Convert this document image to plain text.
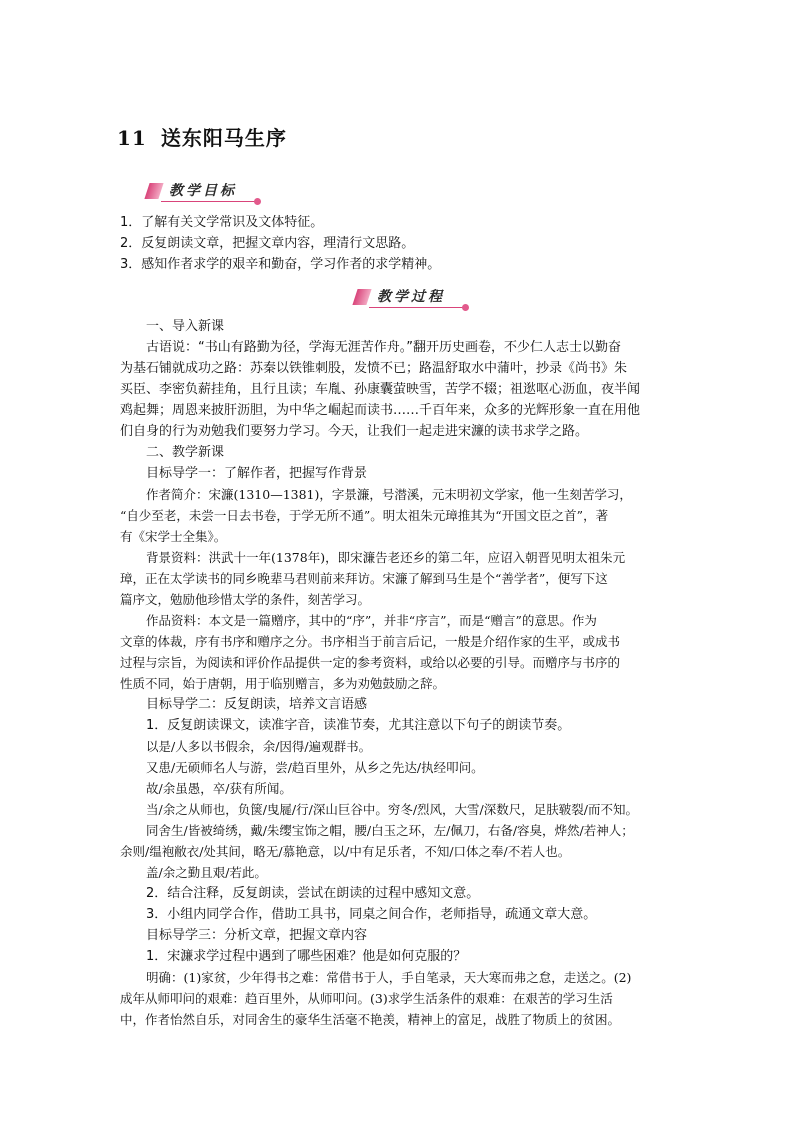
11 送东阳马生序
教学目标

1．了解有关文学常识及文体特征。

2．反复朗读文章，把握文章内容，理清行文思路。

3．感知作者求学的艰辛和勤奋，学习作者的求学精神。

教学过程

一、导入新课

古语说：“书山有路勤为径，学海无涯苦作舟。”翻开历史画卷，不少仁人志士以勤奋

为基石铺就成功之路：苏秦以铁锥刺股，发愤不已；路温舒取水中蒲叶，抄录《尚书》朱

买臣、李密负薪挂角，且行且读；车胤、孙康囊萤映雪，苦学不辍；祖逖呕心沥血，夜半闻

鸡起舞；周恩来披肝沥胆，为中华之崛起而读书……千百年来，众多的光辉形象一直在用他

们自身的行为劝勉我们要努力学习。今天，让我们一起走进宋濂的读书求学之路。

二、教学新课

目标导学一：了解作者，把握写作背景

作者简介：宋濂(1310—1381)，字景濂，号潜溪，元末明初文学家，他一生刻苦学习，

“自少至老，未尝一日去书卷，于学无所不通”。明太祖朱元璋推其为“开国文臣之首”，著

有《宋学士全集》。

背景资料：洪武十一年(1378年)，即宋濂告老还乡的第二年，应诏入朝晋见明太祖朱元

璋，正在太学读书的同乡晚辈马君则前来拜访。宋濂了解到马生是个“善学者”，便写下这

篇序文，勉励他珍惜太学的条件，刻苦学习。

作品资料：本文是一篇赠序，其中的“序”，并非“序言”，而是“赠言”的意思。作为

文章的体裁，序有书序和赠序之分。书序相当于前言后记，一般是介绍作家的生平，或成书

过程与宗旨，为阅读和评价作品提供一定的参考资料，或给以必要的引导。而赠序与书序的

性质不同，始于唐朝，用于临别赠言，多为劝勉鼓励之辞。

目标导学二：反复朗读，培养文言语感

1．反复朗读课文，读准字音，读准节奏，尤其注意以下句子的朗读节奏。

以是/人多以书假余，余/因得/遍观群书。

又患/无硕师名人与游，尝/趋百里外，从乡之先达/执经叩问。

故/余虽愚，卒/获有所闻。

当/余之从师也，负箧/曳屣/行/深山巨谷中。穷冬/烈风，大雪/深数尺，足肤皲裂/而不知。

同舍生/皆被绮绣，戴/朱缨宝饰之帽，腰/白玉之环，左/佩刀，右备/容臭，烨然/若神人；

余则/缊袍敝衣/处其间，略无/慕艳意，以/中有足乐者，不知/口体之奉/不若人也。

盖/余之勤且艰/若此。

2．结合注释，反复朗读，尝试在朗读的过程中感知文意。

3．小组内同学合作，借助工具书，同桌之间合作，老师指导，疏通文章大意。

目标导学三：分析文章，把握文章内容

1．宋濂求学过程中遇到了哪些困难？他是如何克服的？

明确：(1)家贫，少年得书之难：常借书于人，手自笔录，天大寒而弗之怠，走送之。(2)

成年从师叩问的艰难：趋百里外，从师叩问。(3)求学生活条件的艰难：在艰苦的学习生活

中，作者怡然自乐，对同舍生的豪华生活毫不艳羡，精神上的富足，战胜了物质上的贫困。
